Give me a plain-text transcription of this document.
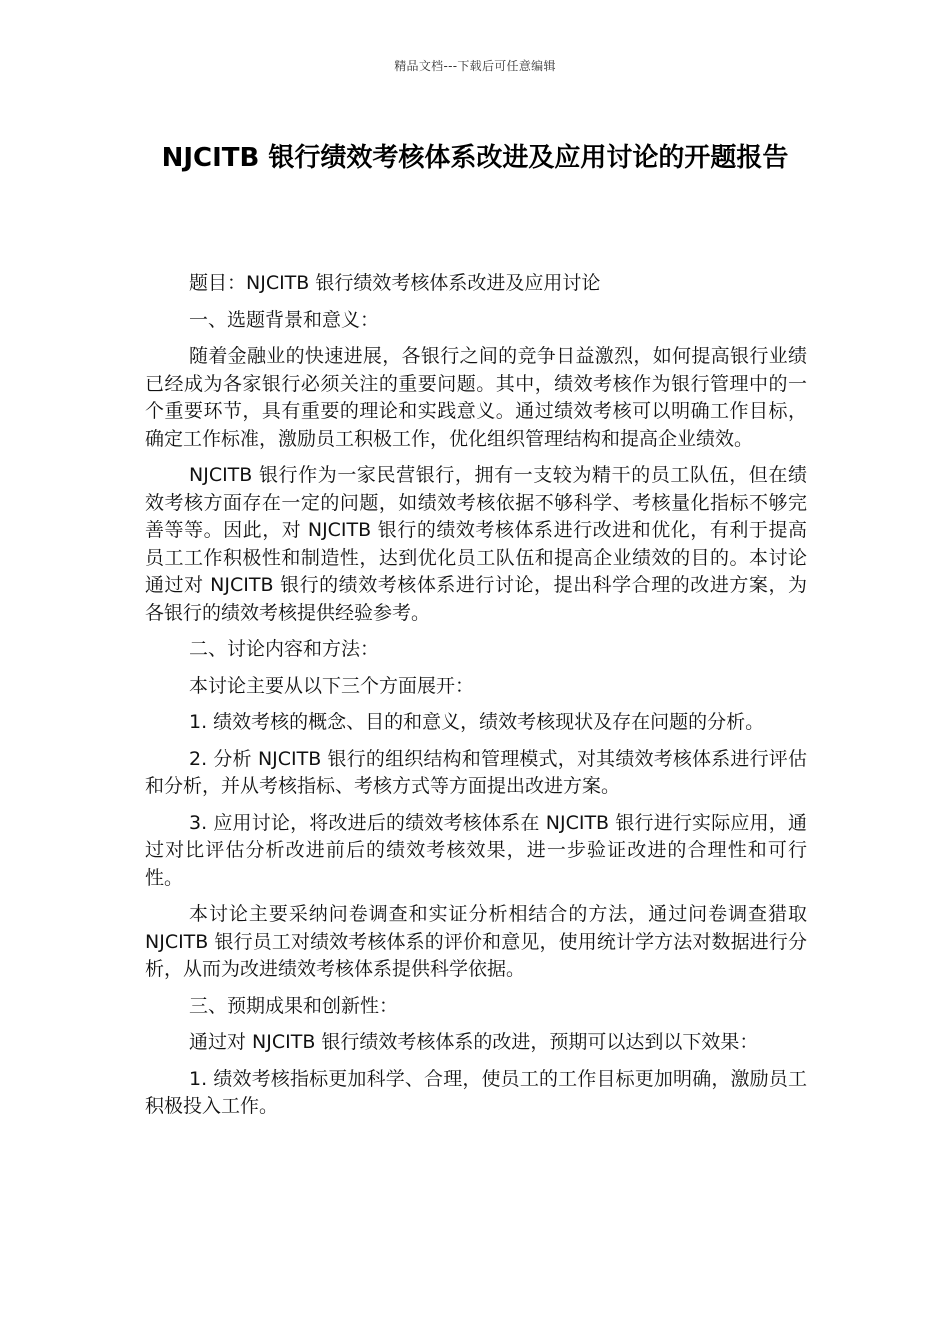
精品文档---下载后可任意编辑
NJCITB 银行绩效考核体系改进及应用讨论的开题报告

题目：NJCITB 银行绩效考核体系改进及应用讨论

一、选题背景和意义：

随着金融业的快速进展，各银行之间的竞争日益激烈，如何提高银行业绩已经成为各家银行必须关注的重要问题。其中，绩效考核作为银行管理中的一个重要环节，具有重要的理论和实践意义。通过绩效考核可以明确工作目标，确定工作标准，激励员工积极工作，优化组织管理结构和提高企业绩效。

NJCITB 银行作为一家民营银行，拥有一支较为精干的员工队伍，但在绩效考核方面存在一定的问题，如绩效考核依据不够科学、考核量化指标不够完善等等。因此，对 NJCITB 银行的绩效考核体系进行改进和优化，有利于提高员工工作积极性和制造性，达到优化员工队伍和提高企业绩效的目的。本讨论通过对 NJCITB 银行的绩效考核体系进行讨论，提出科学合理的改进方案，为各银行的绩效考核提供经验参考。

二、讨论内容和方法：

本讨论主要从以下三个方面展开：

1. 绩效考核的概念、目的和意义，绩效考核现状及存在问题的分析。

2. 分析 NJCITB 银行的组织结构和管理模式，对其绩效考核体系进行评估和分析，并从考核指标、考核方式等方面提出改进方案。

3. 应用讨论，将改进后的绩效考核体系在 NJCITB 银行进行实际应用，通过对比评估分析改进前后的绩效考核效果，进一步验证改进的合理性和可行性。

本讨论主要采纳问卷调查和实证分析相结合的方法，通过问卷调查猎取 NJCITB 银行员工对绩效考核体系的评价和意见，使用统计学方法对数据进行分析，从而为改进绩效考核体系提供科学依据。

三、预期成果和创新性：

通过对 NJCITB 银行绩效考核体系的改进，预期可以达到以下效果：

1. 绩效考核指标更加科学、合理，使员工的工作目标更加明确，激励员工积极投入工作。
